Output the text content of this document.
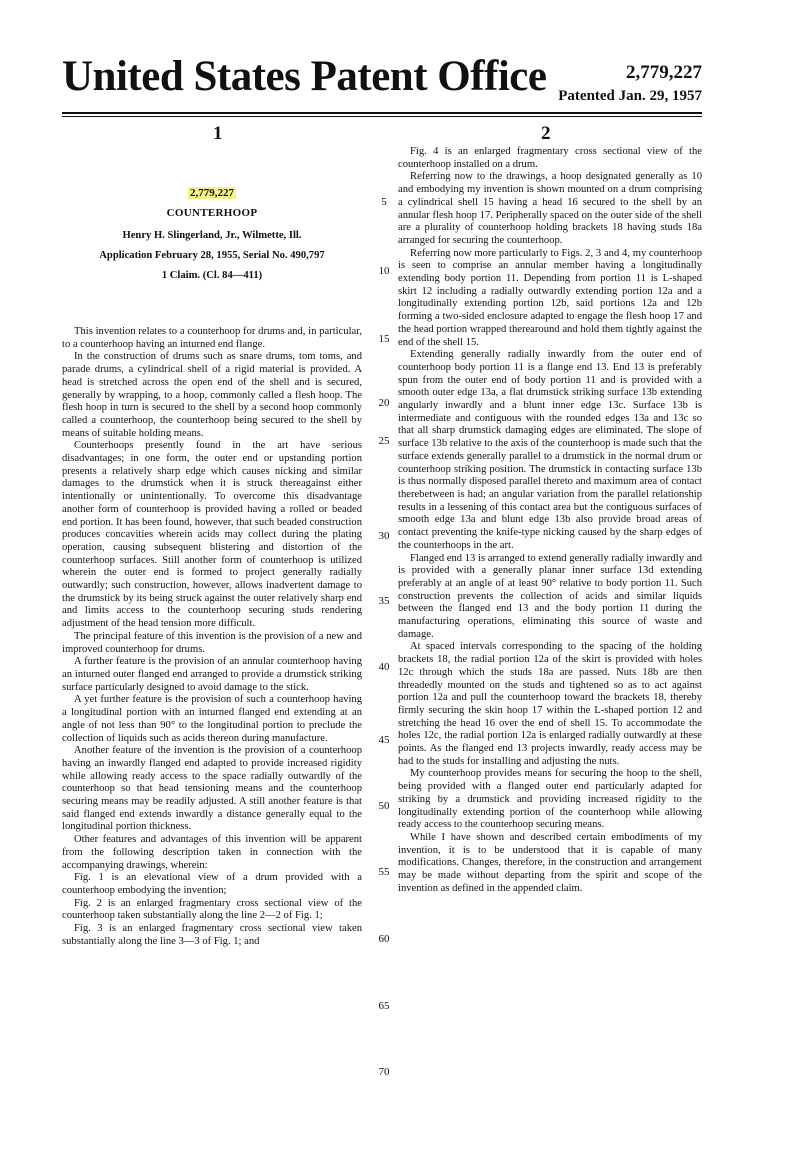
United States Patent Office	2,779,227
Patented Jan. 29, 1957
1	2
2,779,227
COUNTERHOOP
Henry H. Slingerland, Jr., Wilmette, Ill.
Application February 28, 1955, Serial No. 490,797
1 Claim. (Cl. 84—411)

This invention relates to a counterhoop for drums and, in particular, to a counterhoop having an inturned end flange.

In the construction of drums such as snare drums, tom toms, and parade drums, a cylindrical shell of a rigid material is provided. A head is stretched across the open end of the shell and is secured, generally by wrapping, to a hoop, commonly called a flesh hoop. The flesh hoop in turn is secured to the shell by a second hoop commonly called a counterhoop, the counterhoop being secured to the shell by means of suitable holding means.

Counterhoops presently found in the art have serious disadvantages; in one form, the outer end or upstanding portion presents a relatively sharp edge which causes nicking and similar damages to the drumstick when it is struck thereagainst either intentionally or unintentionally. To overcome this disadvantage another form of counterhoop is provided having a rolled or beaded end portion. It has been found, however, that such beaded construction produces concavities wherein acids may collect during the plating operation, causing subsequent blistering and distortion of the counterhoop surfaces. Still another form of counterhoop is utilized wherein the outer end is formed to project generally radially outwardly; such construction, however, allows inadvertent damage to the drumstick by its being struck against the outer relatively sharp end and limits access to the counterhoop securing studs rendering adjustment of the head tension more difficult.

The principal feature of this invention is the provision of a new and improved counterhoop for drums.

A further feature is the provision of an annular counterhoop having an inturned outer flanged end arranged to provide a drumstick striking surface particularly designed to avoid damage to the stick.

A yet further feature is the provision of such a counterhoop having a longitudinal portion with an inturned flanged end extending at an angle of not less than 90° to the longitudinal portion to preclude the collection of liquids such as acids thereon during manufacture.

Another feature of the invention is the provision of a counterhoop having an inwardly flanged end adapted to provide increased rigidity while allowing ready access to the space radially outwardly of the counterhoop so that head tensioning means and the counterhoop securing means may be readily adjusted. A still another feature is that said flanged end extends inwardly a distance generally equal to the longitudinal portion thickness.

Other features and advantages of this invention will be apparent from the following description taken in connection with the accompanying drawings, wherein:

Fig. 1 is an elevational view of a drum provided with a counterhoop embodying the invention;

Fig. 2 is an enlarged fragmentary cross sectional view of the counterhoop taken substantially along the line 2—2 of Fig. 1;

Fig. 3 is an enlarged fragmentary cross sectional view taken substantially along the line 3—3 of Fig. 1; and

Fig. 4 is an enlarged fragmentary cross sectional view of the counterhoop installed on a drum.

Referring now to the drawings, a hoop designated generally as 10 and embodying my invention is shown mounted on a drum comprising a cylindrical shell 15 having a head 16 secured to the shell by an annular flesh hoop 17. Peripherally spaced on the outer side of the shell are a plurality of counterhoop holding brackets 18 having studs 18a arranged for securing the counterhoop.

Referring now more particularly to Figs. 2, 3 and 4, my counterhoop is seen to comprise an annular member having a longitudinally extending body portion 11. Depending from portion 11 is L-shaped skirt 12 including a radially outwardly extending portion 12a and a longitudinally extending portion 12b, said portions 12a and 12b forming a two-sided enclosure adapted to engage the flesh hoop 17 and the head portion wrapped therearound and hold them tightly against the end of the shell 15.

Extending generally radially inwardly from the outer end of counterhoop body portion 11 is a flange end 13. End 13 is preferably spun from the outer end of body portion 11 and is provided with a smooth outer edge 13a, a flat drumstick striking surface 13b extending angularly inwardly and a blunt inner edge 13c. Surface 13b is intermediate and contiguous with the rounded edges 13a and 13c so that all sharp drumstick damaging edges are eliminated. The slope of surface 13b relative to the axis of the counterhoop is made such that the surface extends generally parallel to a drumstick in the normal drum or counterhoop striking position. The drumstick in contacting surface 13b is thus normally disposed parallel thereto and maximum area of contact therebetween is had; an angular variation from the parallel relationship results in a lessening of this contact area but the contiguous surfaces of smooth edge 13a and blunt edge 13b also provide broad areas of contact preventing the knife-type nicking caused by the sharp edges of the counterhoops in the art.

Flanged end 13 is arranged to extend generally radially inwardly and is provided with a generally planar inner surface 13d extending preferably at an angle of at least 90° relative to body portion 11. Such construction prevents the collection of acids and similar liquids between the flanged end 13 and the body portion 11 during the manufacturing operations, eliminating this source of waste and damage.

At spaced intervals corresponding to the spacing of the holding brackets 18, the radial portion 12a of the skirt is provided with holes 12c through which the studs 18a are passed. Nuts 18b are then threadedly mounted on the studs and tightened so as to act against portion 12a and pull the counterhoop toward the brackets 18, thereby firmly securing the skin hoop 17 within the L-shaped portion 12 and stretching the head 16 over the end of shell 15. To accommodate the holes 12c, the radial portion 12a is enlarged radially outwardly at these points. As the flanged end 13 projects inwardly, ready access may be had to the studs for installing and adjusting the nuts.

My counterhoop provides means for securing the hoop to the shell, being provided with a flanged outer end particularly adapted for striking by a drumstick and providing increased rigidity to the longitudinally extending portion of the counterhoop while allowing ready access to the counterhoop securing means.

While I have shown and described certain embodiments of my invention, it is to be understood that it is capable of many modifications. Changes, therefore, in the construction and arrangement may be made without departing from the spirit and scope of the invention as defined in the appended claim.

5
10
15
20
25
30
35
40
45
50
55
60
65
70
